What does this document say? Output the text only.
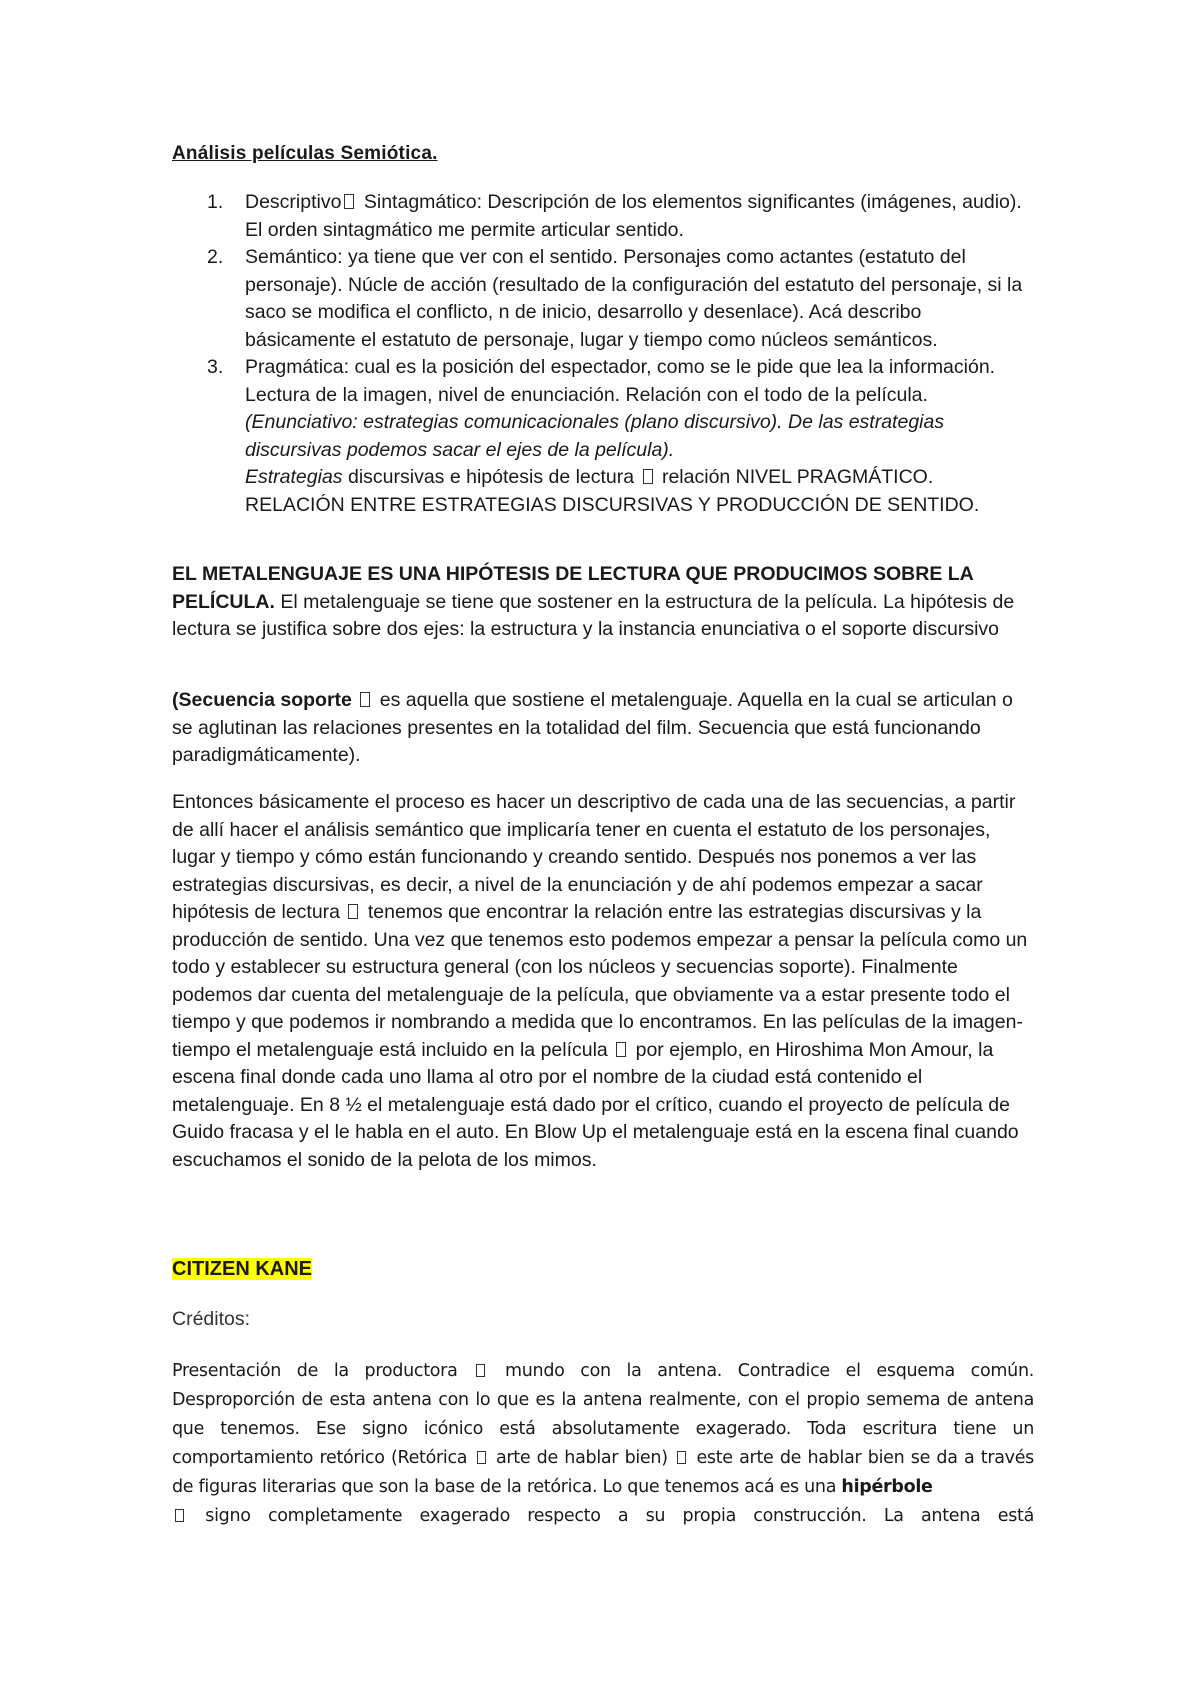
Análisis películas Semiótica.
1. Descriptivo Sintagmático: Descripción de los elementos significantes (imágenes, audio). El orden sintagmático me permite articular sentido.
2. Semántico: ya tiene que ver con el sentido. Personajes como actantes (estatuto del personaje). Núcle de acción (resultado de la configuración del estatuto del personaje, si la saco se modifica el conflicto, n de inicio, desarrollo y desenlace). Acá describo básicamente el estatuto de personaje, lugar y tiempo como núcleos semánticos.
3. Pragmática: cual es la posición del espectador, como se le pide que lea la información. Lectura de la imagen, nivel de enunciación. Relación con el todo de la película. (Enunciativo: estrategias comunicacionales (plano discursivo). De las estrategias discursivas podemos sacar el ejes de la película).
Estrategias discursivas e hipótesis de lectura  relación NIVEL PRAGMÁTICO. RELACIÓN ENTRE ESTRATEGIAS DISCURSIVAS Y PRODUCCIÓN DE SENTIDO.

EL METALENGUAJE ES UNA HIPÓTESIS DE LECTURA QUE PRODUCIMOS SOBRE LA PELÍCULA. El metalenguaje se tiene que sostener en la estructura de la película. La hipótesis de lectura se justifica sobre dos ejes: la estructura y la instancia enunciativa o el soporte discursivo

(Secuencia soporte  es aquella que sostiene el metalenguaje. Aquella en la cual se articulan o se aglutinan las relaciones presentes en la totalidad del film. Secuencia que está funcionando paradigmáticamente).

Entonces básicamente el proceso es hacer un descriptivo de cada una de las secuencias, a partir de allí hacer el análisis semántico que implicaría tener en cuenta el estatuto de los personajes, lugar y tiempo y cómo están funcionando y creando sentido. Después nos ponemos a ver las estrategias discursivas, es decir, a nivel de la enunciación y de ahí podemos empezar a sacar hipótesis de lectura  tenemos que encontrar la relación entre las estrategias discursivas y la producción de sentido. Una vez que tenemos esto podemos empezar a pensar la película como un todo y establecer su estructura general (con los núcleos y secuencias soporte). Finalmente podemos dar cuenta del metalenguaje de la película, que obviamente va a estar presente todo el tiempo y que podemos ir nombrando a medida que lo encontramos. En las películas de la imagen-tiempo el metalenguaje está incluido en la película  por ejemplo, en Hiroshima Mon Amour, la escena final donde cada uno llama al otro por el nombre de la ciudad está contenido el metalenguaje. En 8 ½ el metalenguaje está dado por el crítico, cuando el proyecto de película de Guido fracasa y el le habla en el auto. En Blow Up el metalenguaje está en la escena final cuando escuchamos el sonido de la pelota de los mimos.

CITIZEN KANE

Créditos:

Presentación de la productora  mundo con la antena. Contradice el esquema común. Desproporción de esta antena con lo que es la antena realmente, con el propio semema de antena que tenemos. Ese signo icónico está absolutamente exagerado. Toda escritura tiene un comportamiento retórico (Retórica  arte de hablar bien)  este arte de hablar bien se da a través de figuras literarias que son la base de la retórica. Lo que tenemos acá es una hipérbole
signo completamente exagerado respecto a su propia construcción. La antena está
